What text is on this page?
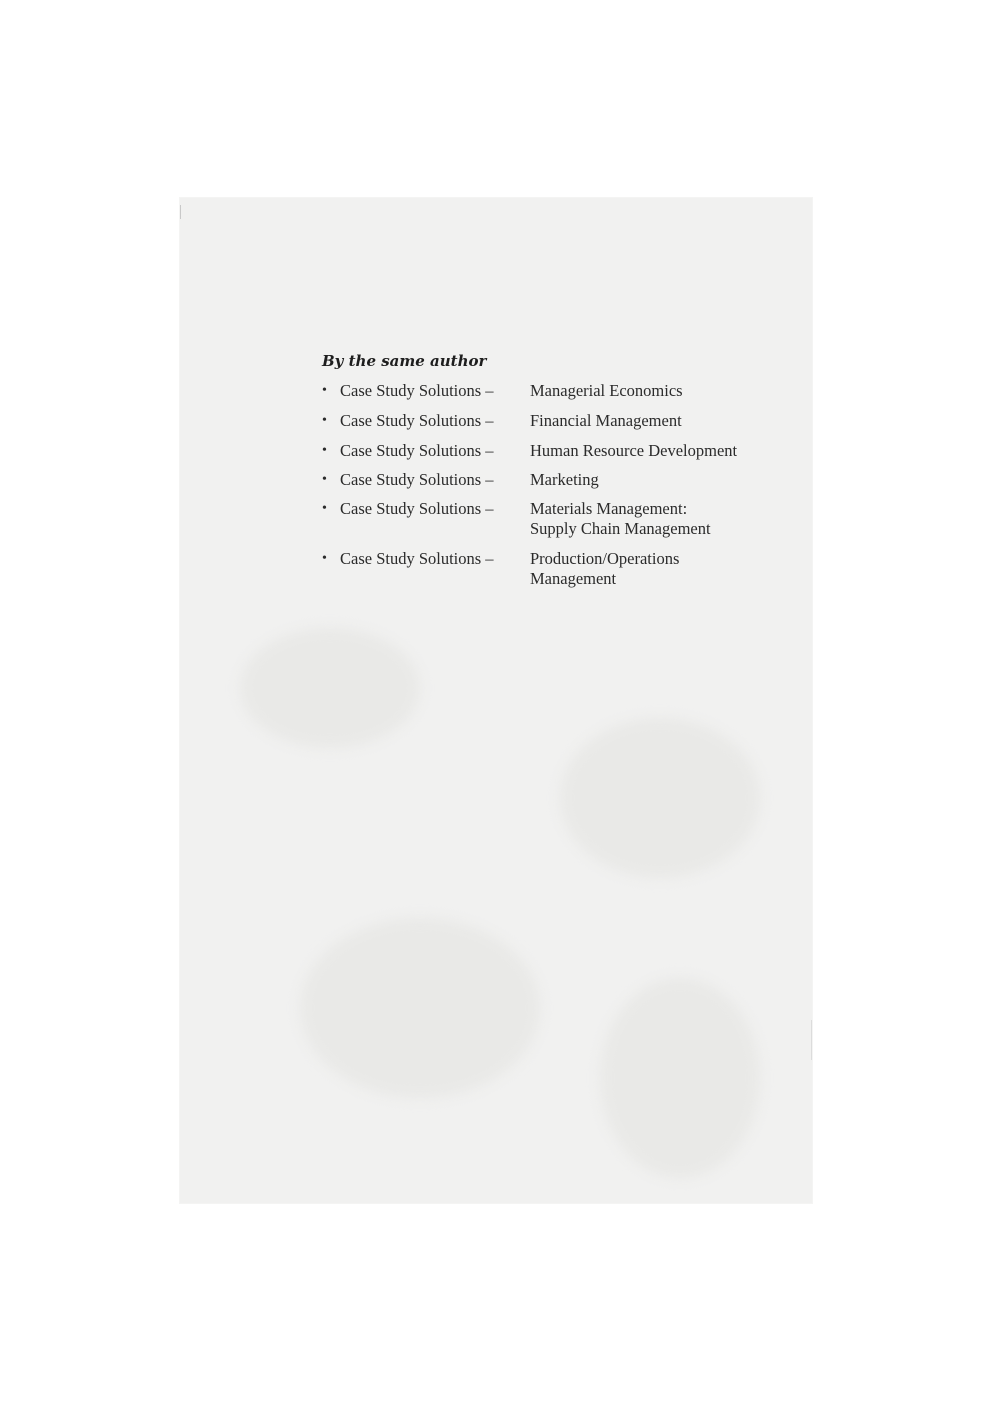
By the same author
• Case Study Solutions –	Managerial Economics
• Case Study Solutions –	Financial Management
• Case Study Solutions –	Human Resource Development
• Case Study Solutions –	Marketing
• Case Study Solutions –	Materials Management:
Supply Chain Management
• Case Study Solutions –	Production/Operations
Management
